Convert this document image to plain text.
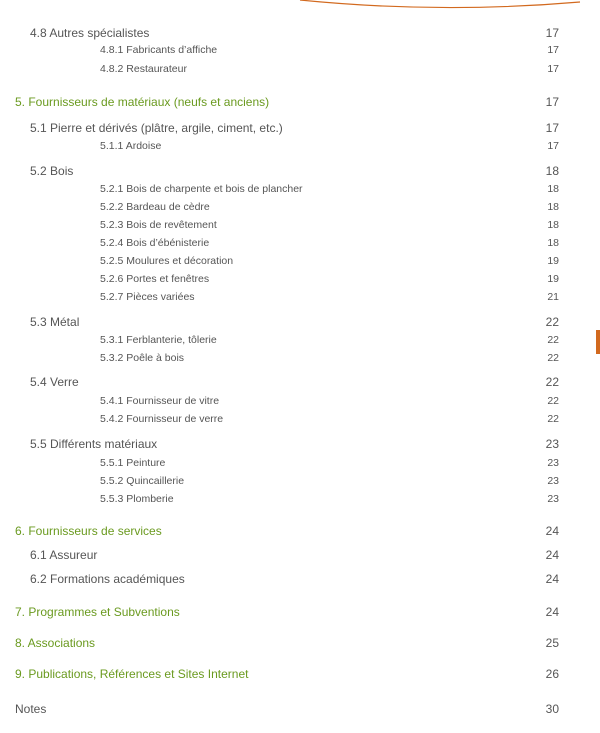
4.8 Autres spécialistes	17
4.8.1 Fabricants d’affiche	17
4.8.2 Restaurateur	17
5. Fournisseurs de matériaux (neufs et anciens)	17
5.1 Pierre et dérivés (plâtre, argile, ciment, etc.)	17
5.1.1 Ardoise	17
5.2 Bois	18
5.2.1 Bois de charpente et bois de plancher	18
5.2.2 Bardeau de cèdre	18
5.2.3 Bois de revêtement	18
5.2.4 Bois d’ébénisterie	18
5.2.5 Moulures et décoration	19
5.2.6 Portes et fenêtres	19
5.2.7 Pièces variées	21
5.3 Métal	22
5.3.1 Ferblanterie, tôlerie	22
5.3.2 Poêle à bois	22
5.4 Verre	22
5.4.1 Fournisseur de vitre	22
5.4.2 Fournisseur de verre	22
5.5 Différents matériaux	23
5.5.1 Peinture	23
5.5.2 Quincaillerie	23
5.5.3 Plomberie	23
6. Fournisseurs de services	24
6.1 Assureur	24
6.2 Formations académiques	24
7. Programmes et Subventions	24
8. Associations	25
9. Publications, Références et Sites Internet	26
Notes	30
